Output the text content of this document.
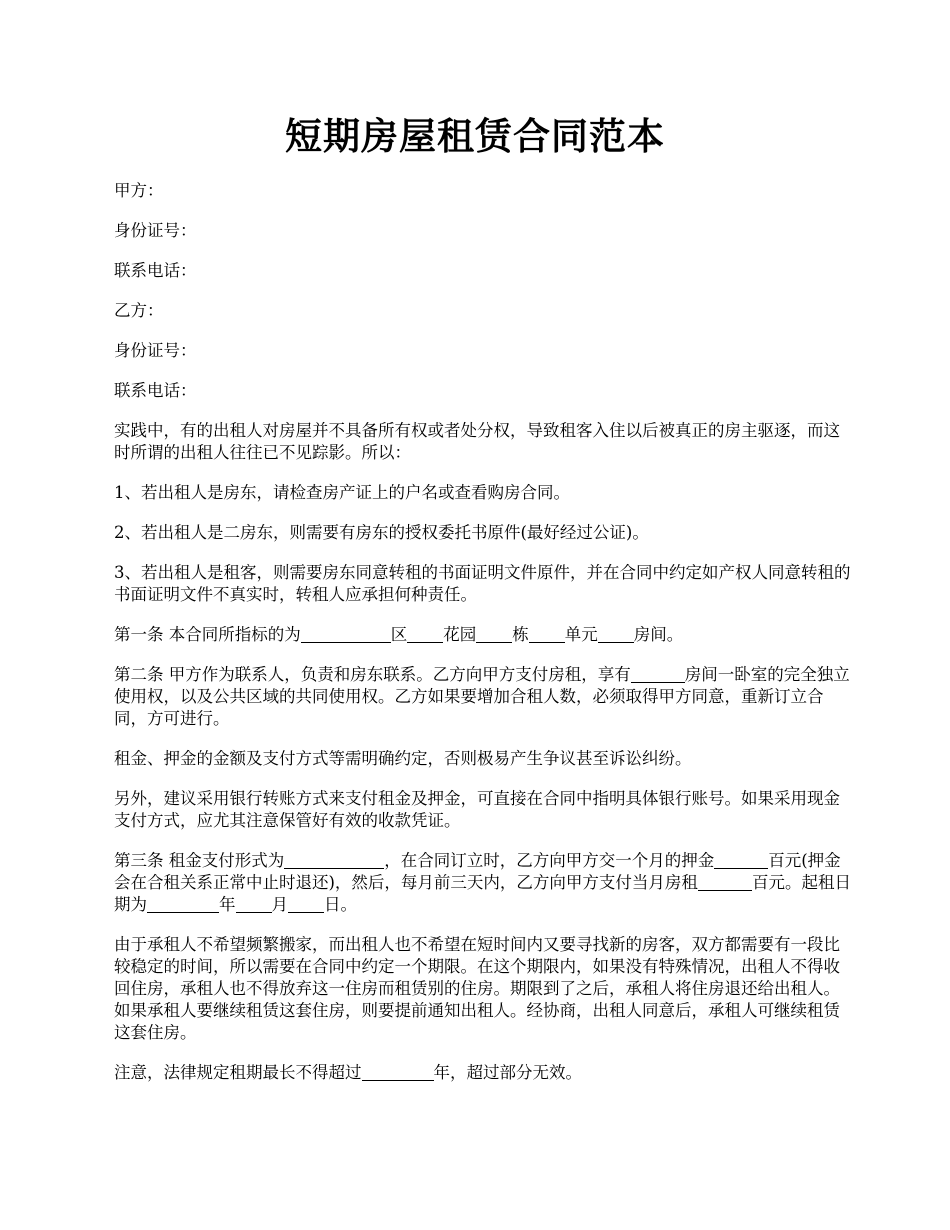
短期房屋租赁合同范本

甲方：

身份证号：

联系电话：

乙方：

身份证号：

联系电话：

实践中，有的出租人对房屋并不具备所有权或者处分权，导致租客入住以后被真正的房主驱逐，而这时所谓的出租人往往已不见踪影。所以：

1、若出租人是房东，请检查房产证上的户名或查看购房合同。

2、若出租人是二房东，则需要有房东的授权委托书原件(最好经过公证)。

3、若出租人是租客，则需要房东同意转租的书面证明文件原件，并在合同中约定如产权人同意转租的书面证明文件不真实时，转租人应承担何种责任。

第一条 本合同所指标的为	区 花园 栋 单元 房间。

第二条 甲方作为联系人，负责和房东联系。乙方向甲方支付房租，享有	房间一卧室的完全独立使用权，以及公共区域的共同使用权。乙方如果要增加合租人数，必须取得甲方同意，重新订立合同，方可进行。

租金、押金的金额及支付方式等需明确约定，否则极易产生争议甚至诉讼纠纷。

另外，建议采用银行转账方式来支付租金及押金，可直接在合同中指明具体银行账号。如果采用现金支付方式，应尤其注意保管好有效的收款凭证。

第三条 租金支付形式为	，在合同订立时，乙方向甲方交一个月的押金	百元(押金会在合租关系正常中止时退还)，然后，每月前三天内，乙方向甲方支付当月房租	百元。起租日期为	年 月 日。

由于承租人不希望频繁搬家，而出租人也不希望在短时间内又要寻找新的房客，双方都需要有一段比较稳定的时间，所以需要在合同中约定一个期限。在这个期限内，如果没有特殊情况，出租人不得收回住房，承租人也不得放弃这一住房而租赁别的住房。期限到了之后，承租人将住房退还给出租人。如果承租人要继续租赁这套住房，则要提前通知出租人。经协商，出租人同意后，承租人可继续租赁这套住房。

注意，法律规定租期最长不得超过	年，超过部分无效。
